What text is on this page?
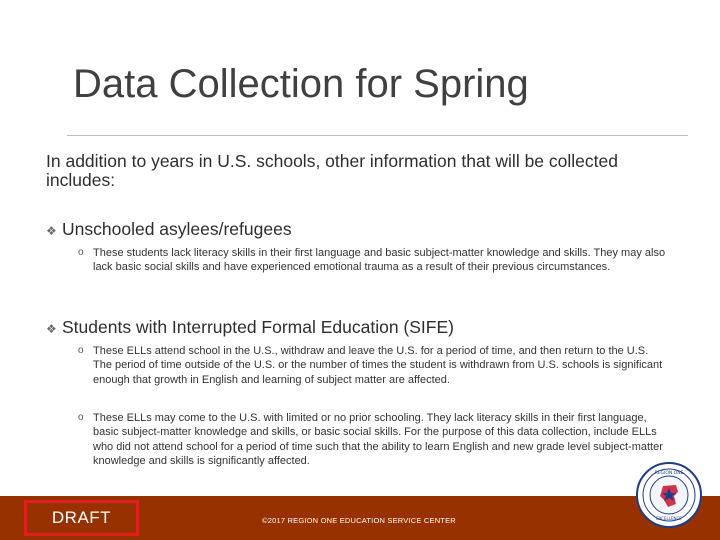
Data Collection for Spring

In addition to years in U.S. schools, other information that will be collected includes:

❖ Unschooled asylees/refugees

o These students lack literacy skills in their first language and basic subject-matter knowledge and skills. They may also lack basic social skills and have experienced emotional trauma as a result of their previous circumstances.

❖ Students with Interrupted Formal Education (SIFE)

o These ELLs attend school in the U.S., withdraw and leave the U.S. for a period of time, and then return to the U.S. The period of time outside of the U.S. or the number of times the student is withdrawn from U.S. schools is significant enough that growth in English and learning of subject matter are affected.
o These ELLs may come to the U.S. with limited or no prior schooling. They lack literacy skills in their first language, basic subject-matter knowledge and skills, or basic social skills. For the purpose of this data collection, include ELLs who did not attend school for a period of time such that the ability to learn English and new grade level subject-matter knowledge and skills is significantly affected.
DRAFT	©2017 REGION ONE EDUCATION SERVICE CENTER
REGION ONE
EXCELLENCE
